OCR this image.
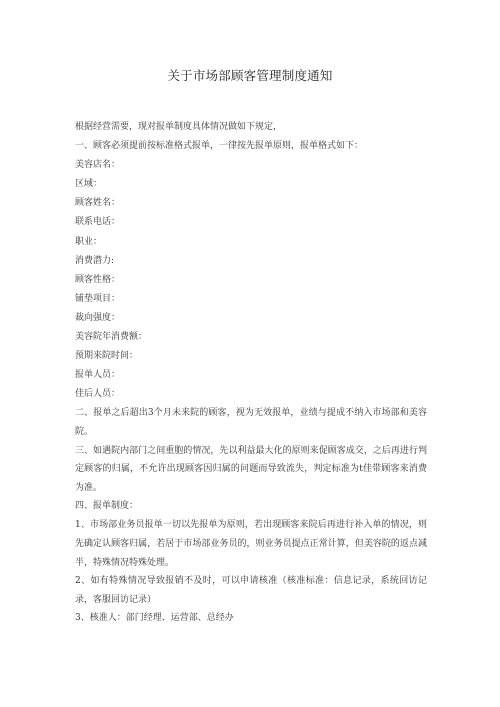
关于市场部顾客管理制度通知

根据经营需要，现对报单制度具体情况做如下规定，

一、顾客必须提前按标准格式报单，一律按先报单原则，报单格式如下：

美容店名：

区域：

顾客姓名：

联系电话：

职业：

消费潜力:

顾客性格：

铺垫项目：

裁向强度：

美容院年消费额：

预期来院时间：

报单人员：

佳后人员：

二、报单之后超出3个月未来院的顾客，视为无效报单，业绩与提成不纳入市场部和美容院。

三、如遇院内部门之间重胞的情况，先以利益最大化的原则来促顾客成交，之后再进行判定顾客的归属，不允许出现顾客因归属的问题而导致流失，判定标准为t佳带顾客来消费为准。

四、报单制度：

1、市场部业务员报单一切以先报单为原则，若出现顾客来院后再进行补入单的情况，则先确定认顾客归属，若居于市场部业务员的，则业务员提点正常计算，但美容院的返点减半，特殊情况特殊处理。

2、如有特殊情况导致报销不及时，可以申请核准（核准标准：信息记录，系统回访记录，客服回访记录）

3、核准人：部门经理、运营部、总经办
